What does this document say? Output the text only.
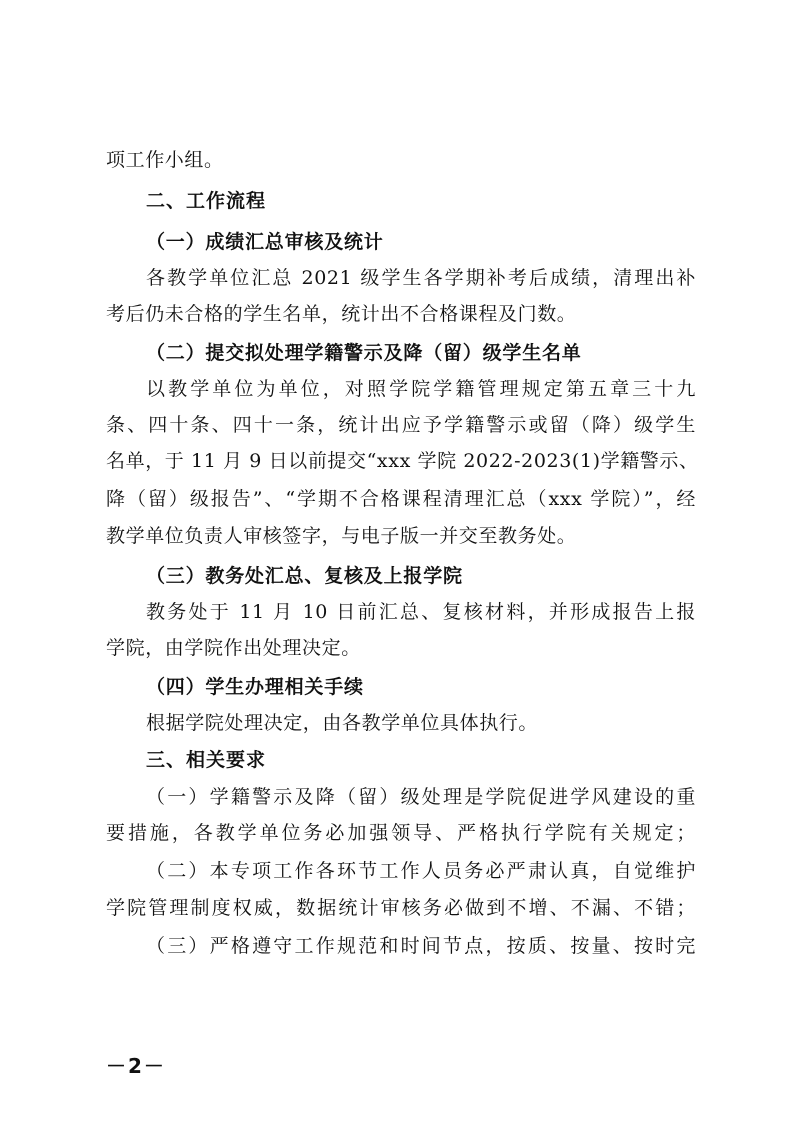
项工作小组。
二、工作流程
（一）成绩汇总审核及统计
各教学单位汇总 2021 级学生各学期补考后成绩，清理出补
考后仍未合格的学生名单，统计出不合格课程及门数。
（二）提交拟处理学籍警示及降（留）级学生名单
以教学单位为单位，对照学院学籍管理规定第五章三十九
条、四十条、四十一条，统计出应予学籍警示或留（降）级学生
名单，于 11 月 9 日以前提交“xxx 学院 2022-2023(1)学籍警示、
降（留）级报告”、“学期不合格课程清理汇总（xxx 学院）”，经
教学单位负责人审核签字，与电子版一并交至教务处。
（三）教务处汇总、复核及上报学院
教务处于 11 月 10 日前汇总、复核材料，并形成报告上报
学院，由学院作出处理决定。
（四）学生办理相关手续
根据学院处理决定，由各教学单位具体执行。
三、相关要求
（一）学籍警示及降（留）级处理是学院促进学风建设的重
要措施，各教学单位务必加强领导、严格执行学院有关规定；
（二）本专项工作各环节工作人员务必严肃认真，自觉维护
学院管理制度权威，数据统计审核务必做到不增、不漏、不错；
（三）严格遵守工作规范和时间节点，按质、按量、按时完
－2－
